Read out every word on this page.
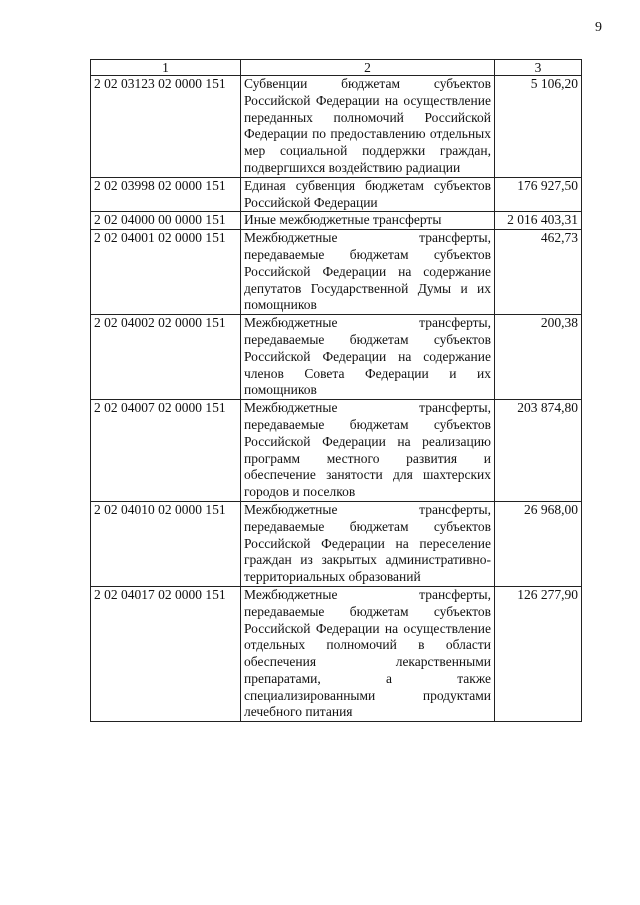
9
1	2	3
2 02 03123 02 0000 151	Субвенции бюджетам субъектов Российской Федерации на осуществление переданных полномочий Российской Федерации по предоставлению отдельных мер социальной поддержки граждан, подвергшихся воздействию радиации	5 106,20
2 02 03998 02 0000 151	Единая субвенция бюджетам субъектов Российской Федерации	176 927,50
2 02 04000 00 0000 151	Иные межбюджетные трансферты	2 016 403,31
2 02 04001 02 0000 151	Межбюджетные трансферты, передаваемые бюджетам субъектов Российской Федерации на содержание депутатов Государственной Думы и их помощников	462,73
2 02 04002 02 0000 151	Межбюджетные трансферты, передаваемые бюджетам субъектов Российской Федерации на содержание членов Совета Федерации и их помощников	200,38
2 02 04007 02 0000 151	Межбюджетные трансферты, передаваемые бюджетам субъектов Российской Федерации на реализацию программ местного развития и обеспечение занятости для шахтерских городов и поселков	203 874,80
2 02 04010 02 0000 151	Межбюджетные трансферты, передаваемые бюджетам субъектов Российской Федерации на переселение граждан из закрытых административно-территориальных образований	26 968,00
2 02 04017 02 0000 151	Межбюджетные трансферты, передаваемые бюджетам субъектов Российской Федерации на осуществление отдельных полномочий в области обеспечения лекарственными препаратами, а также специализированными продуктами лечебного питания	126 277,90
